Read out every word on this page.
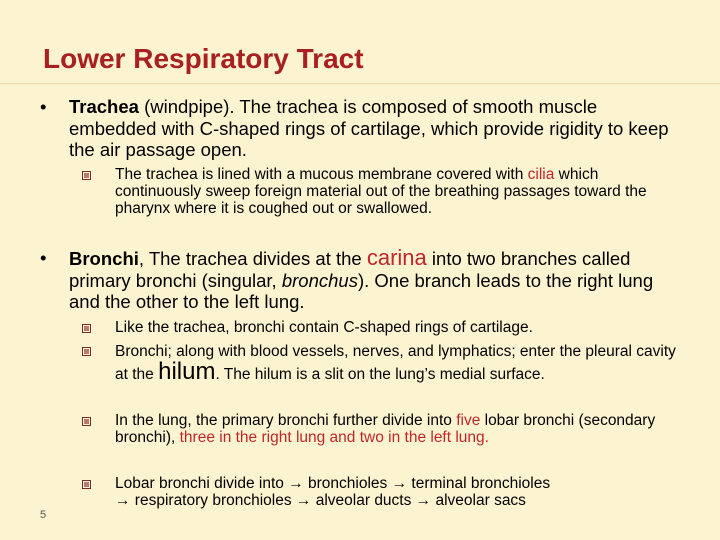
Lower Respiratory Tract
• Trachea (windpipe). The trachea is composed of smooth muscle embedded with C-shaped rings of cartilage, which provide rigidity to keep the air passage open.
The trachea is lined with a mucous membrane covered with cilia which continuously sweep foreign material out of the breathing passages toward the pharynx where it is coughed out or swallowed.
• Bronchi, The trachea divides at the carina into two branches called primary bronchi (singular, bronchus). One branch leads to the right lung and the other to the left lung.
Like the trachea, bronchi contain C-shaped rings of cartilage.
Bronchi; along with blood vessels, nerves, and lymphatics; enter the pleural cavity at the hilum. The hilum is a slit on the lung’s medial surface.
In the lung, the primary bronchi further divide into five lobar bronchi (secondary bronchi), three in the right lung and two in the left lung.
Lobar bronchi divide into → bronchioles → terminal bronchioles
→ respiratory bronchioles → alveolar ducts → alveolar sacs
5
